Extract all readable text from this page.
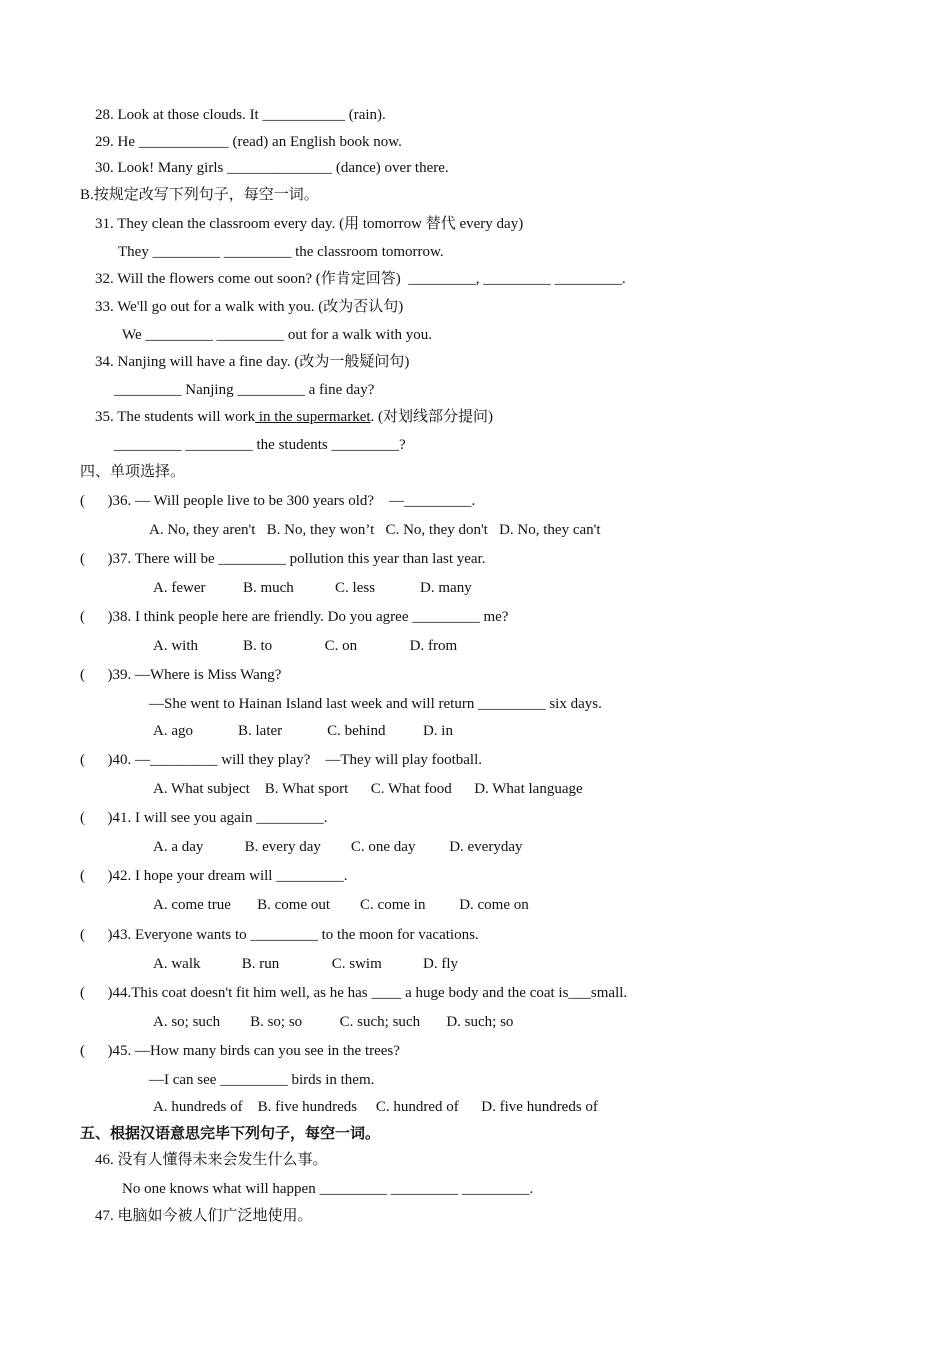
28. Look at those clouds. It ___________ (rain).
29. He ____________ (read) an English book now.
30. Look! Many girls ______________ (dance) over there.
B.按规定改写下列句子，每空一词。
31. They clean the classroom every day. (用 tomorrow 替代 every day)
They _________ _________ the classroom tomorrow.
32. Will the flowers come out soon? (作肯定回答)  _________, _________ _________.
33. We'll go out for a walk with you. (改为否认句)
We _________ _________ out for a walk with you.
34. Nanjing will have a fine day. (改为一般疑问句)
_________ Nanjing _________ a fine day?
35. The students will work in the supermarket. (对划线部分提问)
_________ _________ the students _________?
四、单项选择。
(      )36. — Will people live to be 300 years old?    —_________.
A. No, they aren't   B. No, they won’t   C. No, they don't   D. No, they can't
(      )37. There will be _________ pollution this year than last year.
A. fewer          B. much           C. less            D. many
(      )38. I think people here are friendly. Do you agree _________ me?
A. with            B. to              C. on              D. from
(      )39. —Where is Miss Wang?
—She went to Hainan Island last week and will return _________ six days.
A. ago            B. later            C. behind          D. in
(      )40. —_________ will they play?    —They will play football.
A. What subject    B. What sport      C. What food      D. What language
(      )41. I will see you again _________.
A. a day           B. every day        C. one day         D. everyday
(      )42. I hope your dream will _________.
A. come true       B. come out        C. come in         D. come on
(      )43. Everyone wants to _________ to the moon for vacations.
A. walk           B. run              C. swim           D. fly
(      )44.This coat doesn't fit him well, as he has ____ a huge body and the coat is___small.
A. so; such        B. so; so          C. such; such       D. such; so
(      )45. —How many birds can you see in the trees?
—I can see _________ birds in them.
A. hundreds of    B. five hundreds     C. hundred of      D. five hundreds of
五、根据汉语意思完毕下列句子，每空一词。
46. 没有人懂得未来会发生什么事。
No one knows what will happen _________ _________ _________.
47. 电脑如今被人们广泛地使用。
